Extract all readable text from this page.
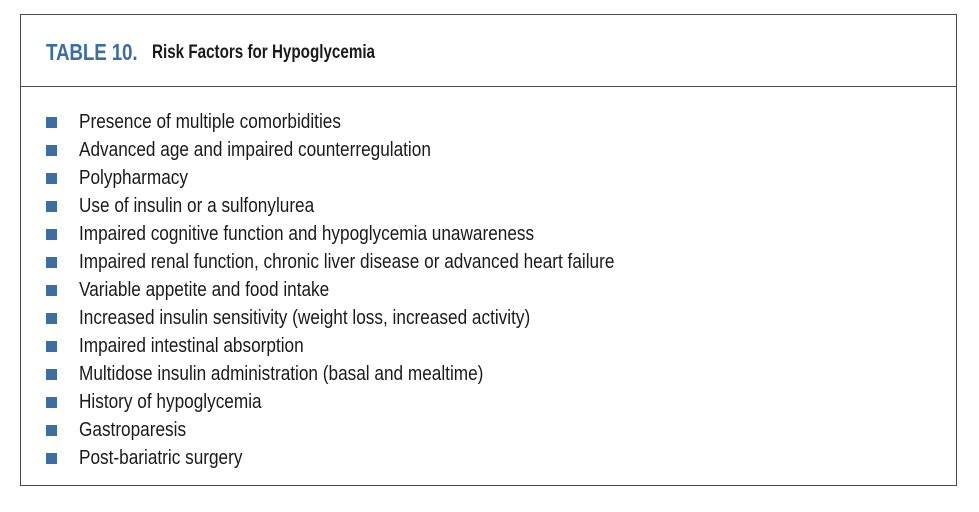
TABLE 10. Risk Factors for Hypoglycemia
Presence of multiple comorbidities
Advanced age and impaired counterregulation
Polypharmacy
Use of insulin or a sulfonylurea
Impaired cognitive function and hypoglycemia unawareness
Impaired renal function, chronic liver disease or advanced heart failure
Variable appetite and food intake
Increased insulin sensitivity (weight loss, increased activity)
Impaired intestinal absorption
Multidose insulin administration (basal and mealtime)
History of hypoglycemia
Gastroparesis
Post-bariatric surgery
